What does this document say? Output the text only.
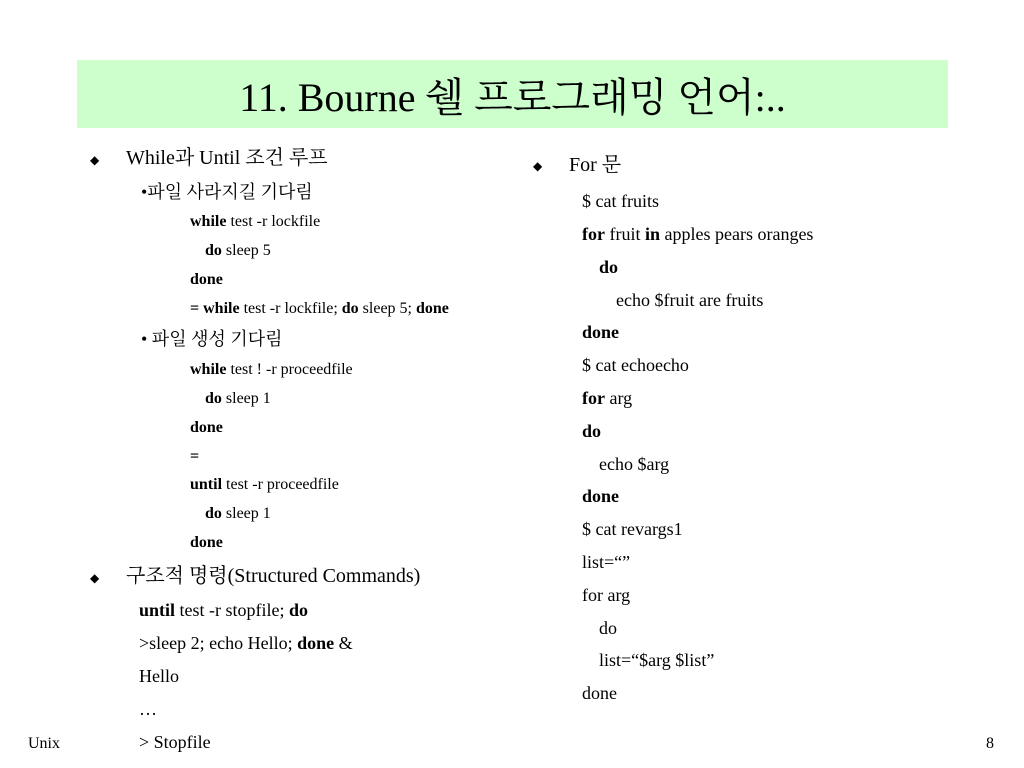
11. Bourne 쉘 프로그래밍 언어:..
◆ While과 Until 조건 루프
•파일 사라지길 기다림
while test -r lockfile
do sleep 5
done
= while test -r lockfile; do sleep 5; done
• 파일 생성 기다림
while test ! -r proceedfile
do sleep 1
done
=
until test -r proceedfile
do sleep 1
done
◆ 구조적 명령(Structured Commands)
until test -r stopfile; do
>sleep 2; echo Hello; done &
Hello
…
> Stopfile
◆ For 문
$ cat fruits
for fruit in apples pears oranges
do
echo $fruit are fruits
done
$ cat echoecho
for arg
do
echo $arg
done
$ cat revargs1
list=“”
for arg
do
list=“$arg $list”
done
Unix	8
